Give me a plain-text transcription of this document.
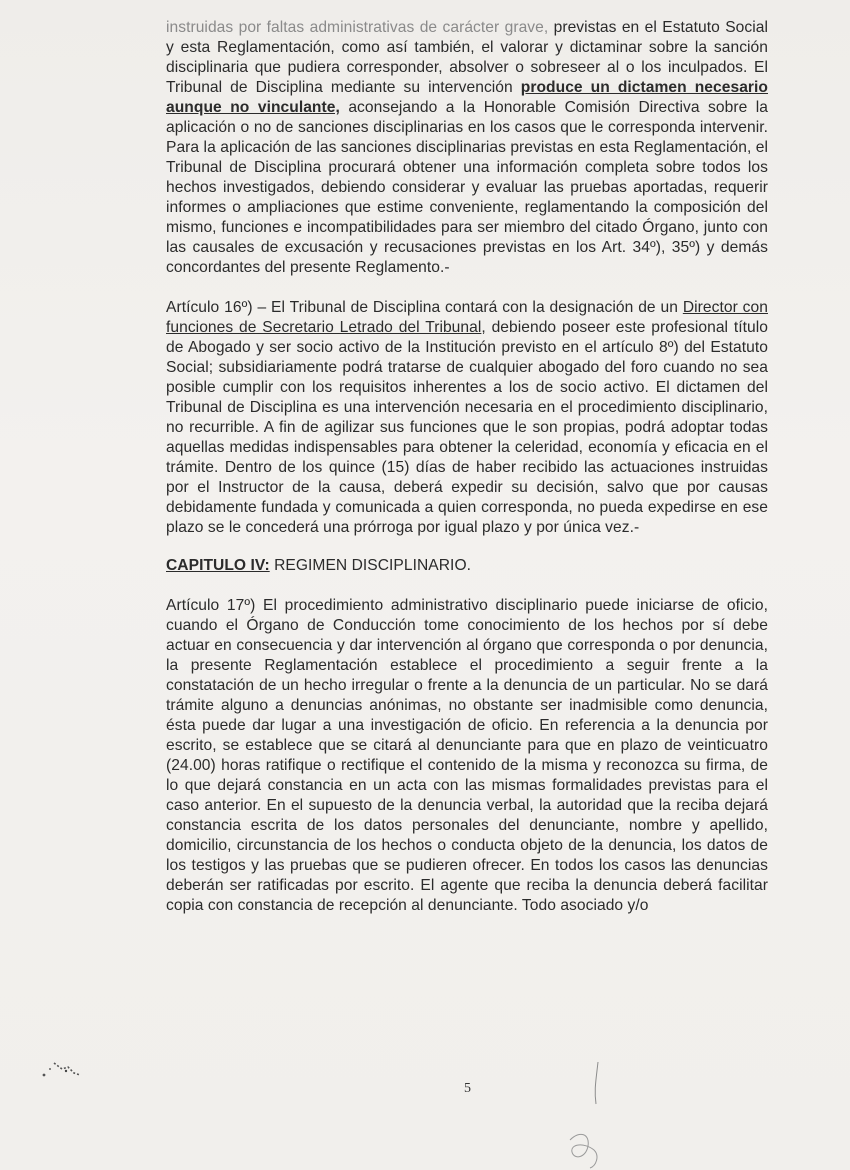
instruidas por faltas administrativas de carácter grave, previstas en el Estatuto Social y esta Reglamentación, como así también, el valorar y dictaminar sobre la sanción disciplinaria que pudiera corresponder, absolver o sobreseer al o los inculpados. El Tribunal de Disciplina mediante su intervención produce un dictamen necesario aunque no vinculante, aconsejando a la Honorable Comisión Directiva sobre la aplicación o no de sanciones disciplinarias en los casos que le corresponda intervenir. Para la aplicación de las sanciones disciplinarias previstas en esta Reglamentación, el Tribunal de Disciplina procurará obtener una información completa sobre todos los hechos investigados, debiendo considerar y evaluar las pruebas aportadas, requerir informes o ampliaciones que estime conveniente, reglamentando la composición del mismo, funciones e incompatibilidades para ser miembro del citado Órgano, junto con las causales de excusación y recusaciones previstas en los Art. 34º), 35º) y demás concordantes del presente Reglamento.-

Artículo 16º) – El Tribunal de Disciplina contará con la designación de un Director con funciones de Secretario Letrado del Tribunal, debiendo poseer este profesional título de Abogado y ser socio activo de la Institución previsto en el artículo 8º) del Estatuto Social; subsidiariamente podrá tratarse de cualquier abogado del foro cuando no sea posible cumplir con los requisitos inherentes a los de socio activo. El dictamen del Tribunal de Disciplina es una intervención necesaria en el procedimiento disciplinario, no recurrible. A fin de agilizar sus funciones que le son propias, podrá adoptar todas aquellas medidas indispensables para obtener la celeridad, economía y eficacia en el trámite. Dentro de los quince (15) días de haber recibido las actuaciones instruidas por el Instructor de la causa, deberá expedir su decisión, salvo que por causas debidamente fundada y comunicada a quien corresponda, no pueda expedirse en ese plazo se le concederá una prórroga por igual plazo y por única vez.-

CAPITULO IV: REGIMEN DISCIPLINARIO.

Artículo 17º) El procedimiento administrativo disciplinario puede iniciarse de oficio, cuando el Órgano de Conducción tome conocimiento de los hechos por sí debe actuar en consecuencia y dar intervención al órgano que corresponda o por denuncia, la presente Reglamentación establece el procedimiento a seguir frente a la constatación de un hecho irregular o frente a la denuncia de un particular. No se dará trámite alguno a denuncias anónimas, no obstante ser inadmisible como denuncia, ésta puede dar lugar a una investigación de oficio. En referencia a la denuncia por escrito, se establece que se citará al denunciante para que en plazo de veinticuatro (24.00) horas ratifique o rectifique el contenido de la misma y reconozca su firma, de lo que dejará constancia en un acta con las mismas formalidades previstas para el caso anterior. En el supuesto de la denuncia verbal, la autoridad que la reciba dejará constancia escrita de los datos personales del denunciante, nombre y apellido, domicilio, circunstancia de los hechos o conducta objeto de la denuncia, los datos de los testigos y las pruebas que se pudieren ofrecer. En todos los casos las denuncias deberán ser ratificadas por escrito. El agente que reciba la denuncia deberá facilitar copia con constancia de recepción al denunciante. Todo asociado y/o

5
